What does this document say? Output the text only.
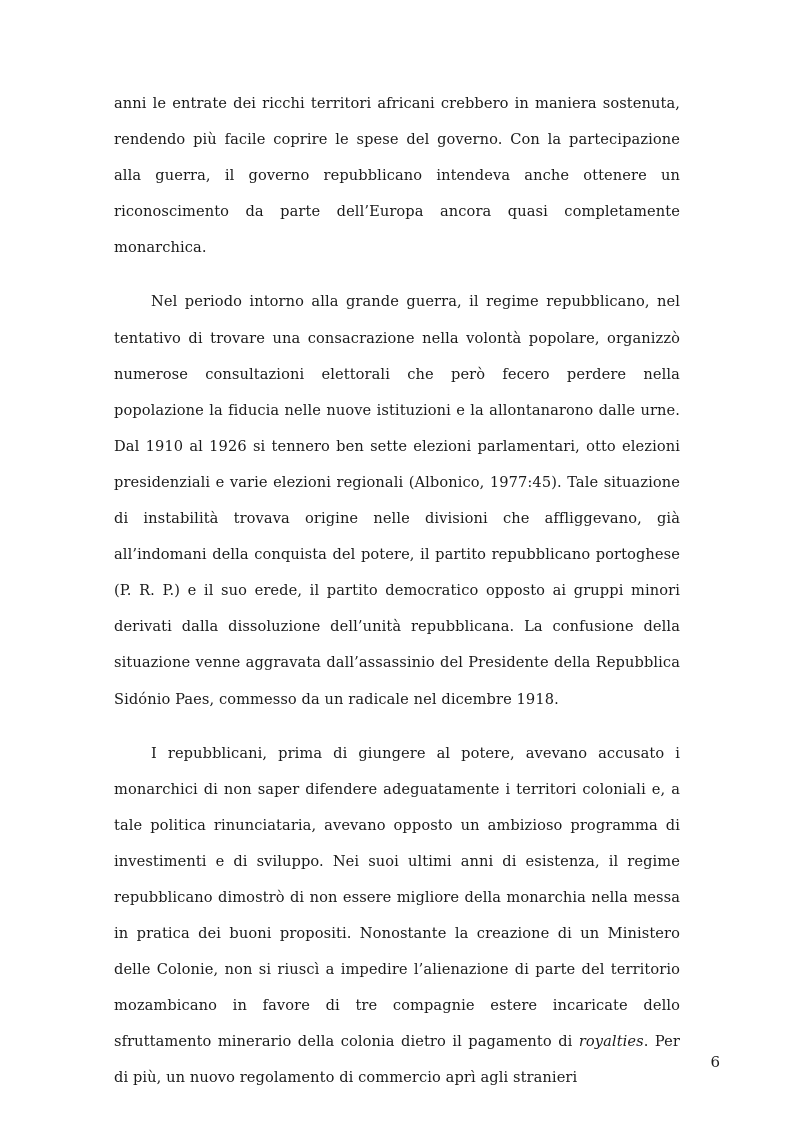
anni le entrate dei ricchi territori africani crebbero in maniera sostenuta, rendendo più facile coprire le spese del governo. Con la partecipazione alla guerra, il governo repubblicano intendeva anche ottenere un riconoscimento da parte dell’Europa ancora quasi completamente monarchica.

Nel periodo intorno alla grande guerra, il regime repubblicano, nel tentativo di trovare una consacrazione nella volontà popolare, organizzò numerose consultazioni elettorali che però fecero perdere nella popolazione la fiducia nelle nuove istituzioni e la allontanarono dalle urne. Dal 1910 al 1926 si tennero ben sette elezioni parlamentari, otto elezioni presidenziali e varie elezioni regionali (Albonico, 1977:45). Tale situazione di instabilità trovava origine nelle divisioni che affliggevano, già all’indomani della conquista del potere, il partito repubblicano portoghese (P. R. P.) e il suo erede, il partito democratico opposto ai gruppi minori derivati dalla dissoluzione dell’unità repubblicana. La confusione della situazione venne aggravata dall’assassinio del Presidente della Repubblica Sidónio Paes, commesso da un radicale nel dicembre 1918.

I repubblicani, prima di giungere al potere, avevano accusato i monarchici di non saper difendere adeguatamente i territori coloniali e, a tale politica rinunciataria, avevano opposto un ambizioso programma di investimenti e di sviluppo. Nei suoi ultimi anni di esistenza, il regime repubblicano dimostrò di non essere migliore della monarchia nella messa in pratica dei buoni propositi. Nonostante la creazione di un Ministero delle Colonie, non si riuscì a impedire l’alienazione di parte del territorio mozambicano in favore di tre compagnie estere incaricate dello sfruttamento minerario della colonia dietro il pagamento di royalties. Per di più, un nuovo regolamento di commercio aprì agli stranieri

6
